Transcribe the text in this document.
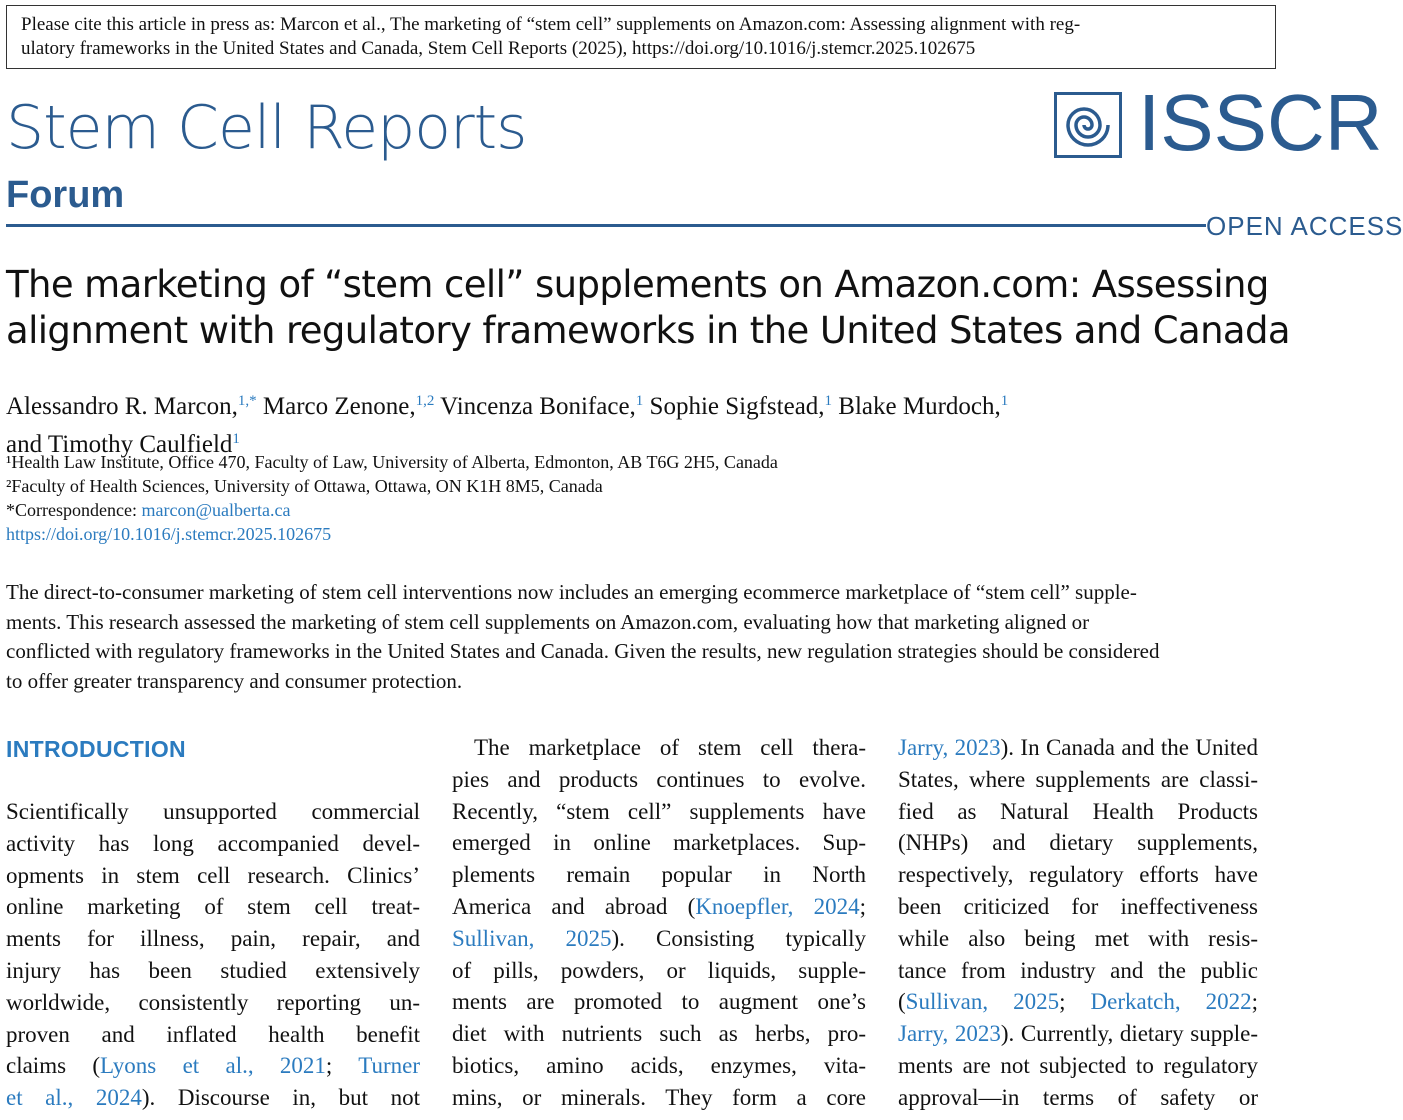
Please cite this article in press as: Marcon et al., The marketing of “stem cell” supplements on Amazon.com: Assessing alignment with reg-
ulatory frameworks in the United States and Canada, Stem Cell Reports (2025), https://doi.org/10.1016/j.stemcr.2025.102675
Stem Cell Reports
Forum
ISSCR
OPEN ACCESS
The marketing of “stem cell” supplements on Amazon.com: Assessing
alignment with regulatory frameworks in the United States and Canada
Alessandro R. Marcon,$^{1,*}$ Marco Zenone,$^{1,2}$ Vincenza Boniface,$^1$ Sophie Sigfstead,$^1$ Blake Murdoch,$^1$
and Timothy Caulfield$^1$
¹Health Law Institute, Office 470, Faculty of Law, University of Alberta, Edmonton, AB T6G 2H5, Canada
²Faculty of Health Sciences, University of Ottawa, Ottawa, ON K1H 8M5, Canada
*Correspondence: marcon@ualberta.ca
https://doi.org/10.1016/j.stemcr.2025.102675
The direct-to-consumer marketing of stem cell interventions now includes an emerging ecommerce marketplace of “stem cell” supple-
ments. This research assessed the marketing of stem cell supplements on Amazon.com, evaluating how that marketing aligned or
conflicted with regulatory frameworks in the United States and Canada. Given the results, new regulation strategies should be considered
to offer greater transparency and consumer protection.
INTRODUCTION
Scientifically unsupported commercial
activity has long accompanied devel-
opments in stem cell research. Clinics’
online marketing of stem cell treat-
ments for illness, pain, repair, and
injury has been studied extensively
worldwide, consistently reporting un-
proven and inflated health benefit
claims (Lyons et al., 2021; Turner
et al., 2024). Discourse in, but not
The marketplace of stem cell thera-
pies and products continues to evolve.
Recently, “stem cell” supplements have
emerged in online marketplaces. Sup-
plements remain popular in North
America and abroad (Knoepfler, 2024;
Sullivan, 2025). Consisting typically
of pills, powders, or liquids, supple-
ments are promoted to augment one’s
diet with nutrients such as herbs, pro-
biotics, amino acids, enzymes, vita-
mins, or minerals. They form a core
Jarry, 2023). In Canada and the United
States, where supplements are classi-
fied as Natural Health Products
(NHPs) and dietary supplements,
respectively, regulatory efforts have
been criticized for ineffectiveness
while also being met with resis-
tance from industry and the public
(Sullivan, 2025; Derkatch, 2022;
Jarry, 2023). Currently, dietary supple-
ments are not subjected to regulatory
approval—in terms of safety or
